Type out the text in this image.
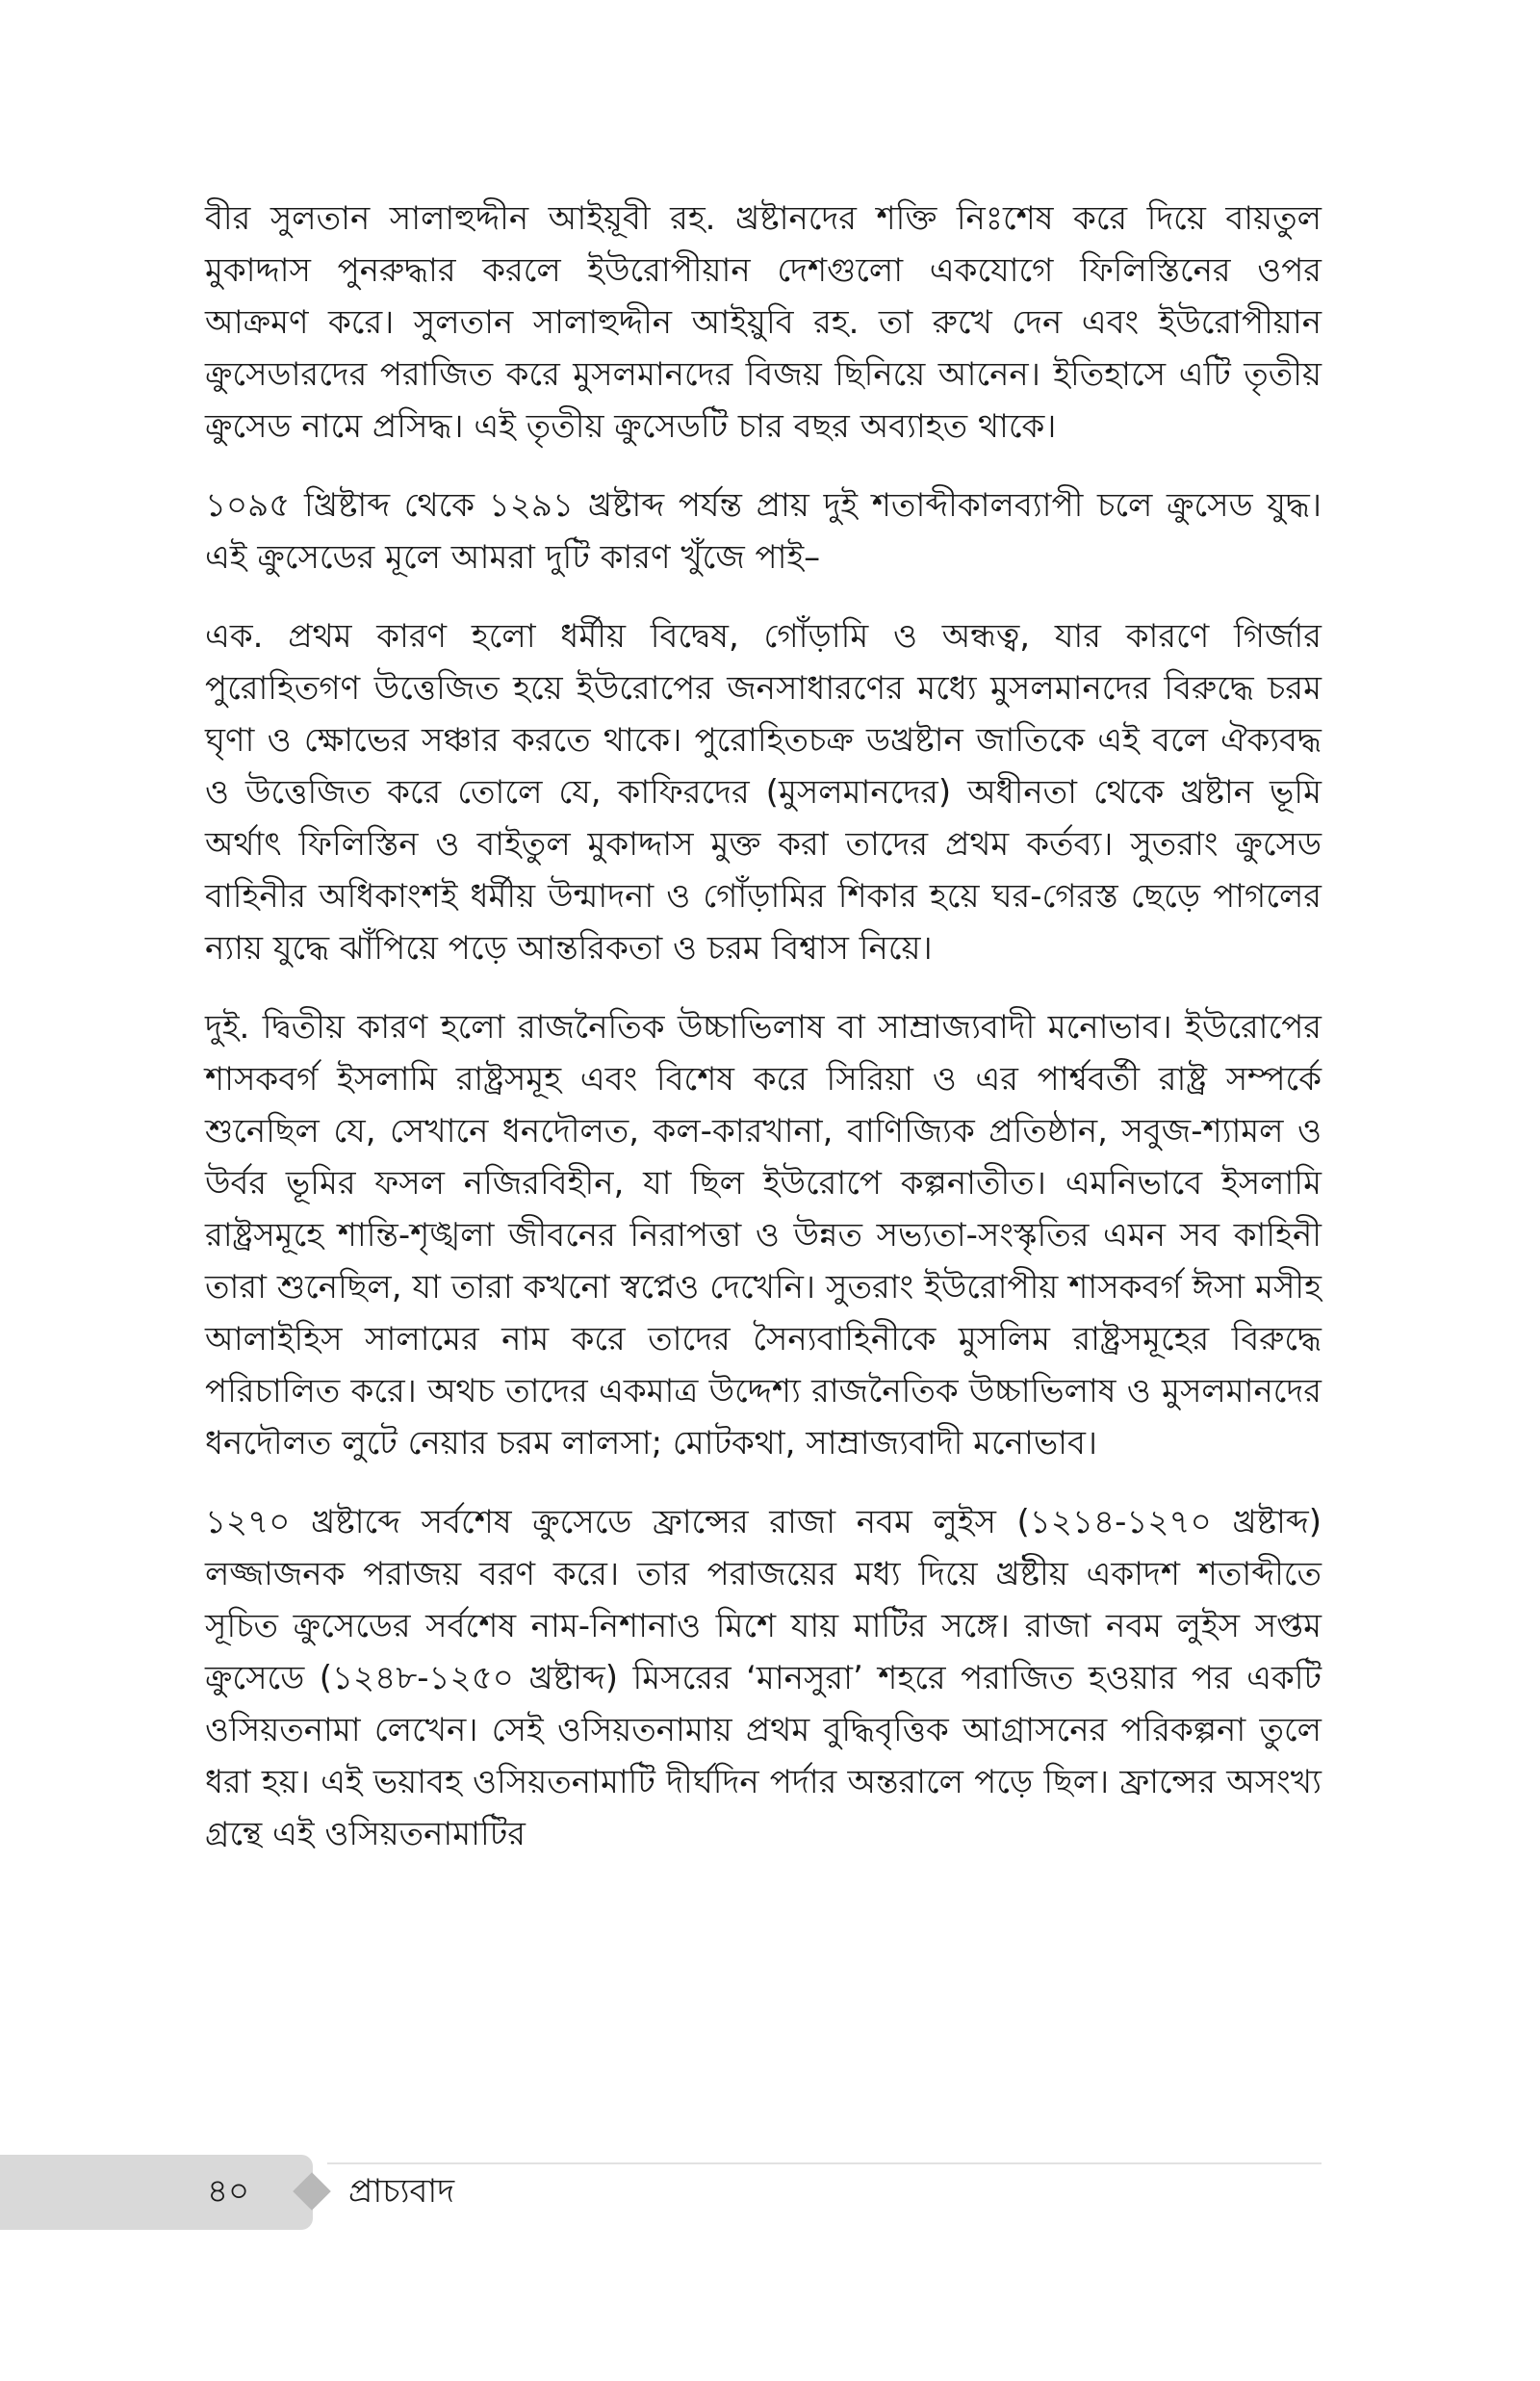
বীর সুলতান সালাহুদ্দীন আইয়ূবী রহ. খ্রষ্টানদের শক্তি নিঃশেষ করে দিয়ে বায়তুল মুকাদ্দাস পুনরুদ্ধার করলে ইউরোপীয়ান দেশগুলো একযোগে ফিলিস্তিনের ওপর আক্রমণ করে। সুলতান সালাহুদ্দীন আইয়ুবি রহ. তা রুখে দেন এবং ইউরোপীয়ান ক্রুসেডারদের পরাজিত করে মুসলমানদের বিজয় ছিনিয়ে আনেন। ইতিহাসে এটি তৃতীয় ক্রুসেড নামে প্রসিদ্ধ। এই তৃতীয় ক্রুসেডটি চার বছর অব্যাহত থাকে।

১০৯৫ খ্রিষ্টাব্দ থেকে ১২৯১ খ্রষ্টাব্দ পর্যন্ত প্রায় দুই শতাব্দীকালব্যাপী চলে ক্রুসেড যুদ্ধ। এই ক্রুসেডের মূলে আমরা দুটি কারণ খুঁজে পাই–

এক. প্রথম কারণ হলো ধর্মীয় বিদ্বেষ, গোঁড়ামি ও অন্ধত্ব, যার কারণে গির্জার পুরোহিতগণ উত্তেজিত হয়ে ইউরোপের জনসাধারণের মধ্যে মুসলমানদের বিরুদ্ধে চরম ঘৃণা ও ক্ষোভের সঞ্চার করতে থাকে। পুরোহিতচক্র ডখ্রষ্টান জাতিকে এই বলে ঐক্যবদ্ধ ও উত্তেজিত করে তোলে যে, কাফিরদের (মুসলমানদের) অধীনতা থেকে খ্রষ্টান ভূমি অর্থাৎ ফিলিস্তিন ও বাইতুল মুকাদ্দাস মুক্ত করা তাদের প্রথম কর্তব্য। সুতরাং ক্রুসেড বাহিনীর অধিকাংশই ধর্মীয় উন্মাদনা ও গোঁড়ামির শিকার হয়ে ঘর-গেরস্ত ছেড়ে পাগলের ন্যায় যুদ্ধে ঝাঁপিয়ে পড়ে আন্তরিকতা ও চরম বিশ্বাস নিয়ে।

দুই. দ্বিতীয় কারণ হলো রাজনৈতিক উচ্চাভিলাষ বা সাম্রাজ্যবাদী মনোভাব। ইউরোপের শাসকবর্গ ইসলামি রাষ্ট্রসমূহ এবং বিশেষ করে সিরিয়া ও এর পার্শ্ববর্তী রাষ্ট্র সম্পর্কে শুনেছিল যে, সেখানে ধনদৌলত, কল-কারখানা, বাণিজ্যিক প্রতিষ্ঠান, সবুজ-শ্যামল ও উর্বর ভূমির ফসল নজিরবিহীন, যা ছিল ইউরোপে কল্পনাতীত। এমনিভাবে ইসলামি রাষ্ট্রসমূহে শান্তি-শৃঙ্খলা জীবনের নিরাপত্তা ও উন্নত সভ্যতা-সংস্কৃতির এমন সব কাহিনী তারা শুনেছিল, যা তারা কখনো স্বপ্নেও দেখেনি। সুতরাং ইউরোপীয় শাসকবর্গ ঈসা মসীহ আলাইহিস সালামের নাম করে তাদের সৈন্যবাহিনীকে মুসলিম রাষ্ট্রসমূহের বিরুদ্ধে পরিচালিত করে। অথচ তাদের একমাত্র উদ্দেশ্য রাজনৈতিক উচ্চাভিলাষ ও মুসলমানদের ধনদৌলত লুটে নেয়ার চরম লালসা; মোটকথা, সাম্রাজ্যবাদী মনোভাব।

১২৭০ খ্রষ্টাব্দে সর্বশেষ ক্রুসেডে ফ্রান্সের রাজা নবম লুইস (১২১৪-১২৭০ খ্রষ্টাব্দ) লজ্জাজনক পরাজয় বরণ করে। তার পরাজয়ের মধ্য দিয়ে খ্রষ্টীয় একাদশ শতাব্দীতে সূচিত ক্রুসেডের সর্বশেষ নাম-নিশানাও মিশে যায় মাটির সঙ্গে। রাজা নবম লুইস সপ্তম ক্রুসেডে (১২৪৮-১২৫০ খ্রষ্টাব্দ) মিসরের ‘মানসুরা’ শহরে পরাজিত হওয়ার পর একটি ওসিয়তনামা লেখেন। সেই ওসিয়তনামায় প্রথম বুদ্ধিবৃত্তিক আগ্রাসনের পরিকল্পনা তুলে ধরা হয়। এই ভয়াবহ ওসিয়তনামাটি দীর্ঘদিন পর্দার অন্তরালে পড়ে ছিল। ফ্রান্সের অসংখ্য গ্রন্থে এই ওসিয়তনামাটির

৪০	প্রাচ্যবাদ
